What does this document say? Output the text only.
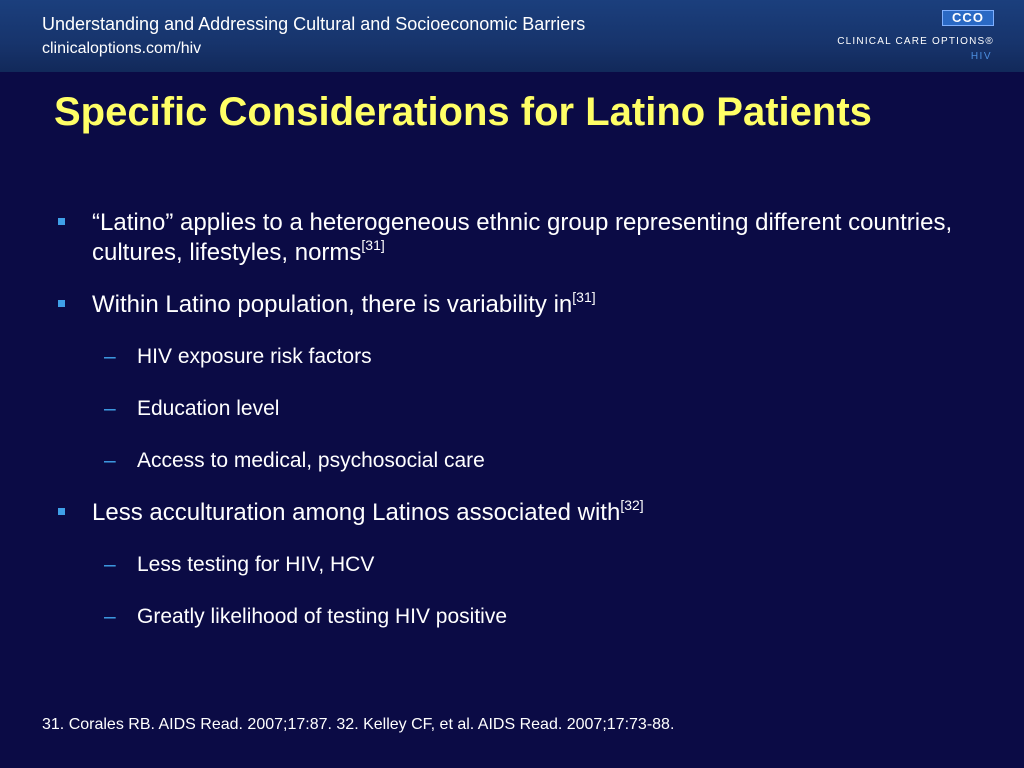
Understanding and Addressing Cultural and Socioeconomic Barriers
clinicaloptions.com/hiv
CCO
CLINICAL CARE OPTIONS®
HIV
Specific Considerations for Latino Patients
“Latino” applies to a heterogeneous ethnic group representing different countries, cultures, lifestyles, norms[31]
Within Latino population, there is variability in[31]
– HIV exposure risk factors
– Education level
– Access to medical, psychosocial care
Less acculturation among Latinos associated with[32]
– Less testing for HIV, HCV
– Greatly likelihood of testing HIV positive
31. Corales RB. AIDS Read. 2007;17:87. 32. Kelley CF, et al. AIDS Read. 2007;17:73-88.
